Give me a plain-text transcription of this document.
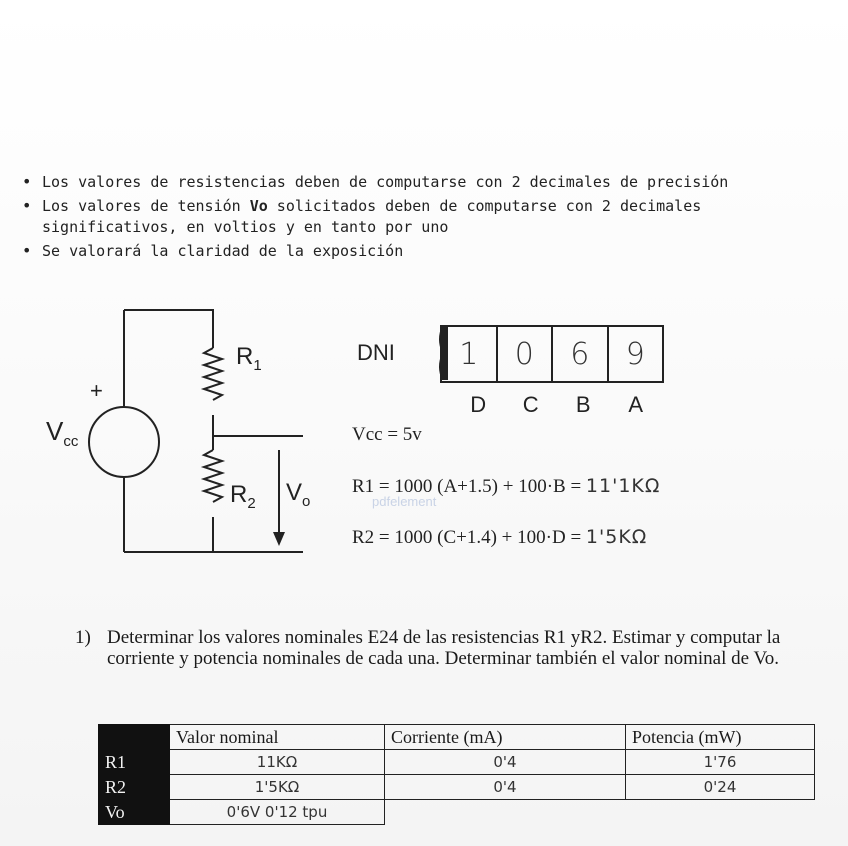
• Los valores de resistencias deben de computarse con 2 decimales de precisión
• Los valores de tensión Vo solicitados deben de computarse con 2 decimales significativos, en voltios y en tanto por uno
• Se valorará la claridad de la exposición
+
$V_{cc}$
$R_1$
$R_2$ $V_o$
DNI	1	0	6	9
D	C	B	A
Vcc = 5v
R1 = 1000 (A+1.5) + 100·B = 11'1KΩ
pdfelement
R2 = 1000 (C+1.4) + 100·D = 1'5KΩ
1) Determinar los valores nominales E24 de las resistencias R1 yR2. Estimar y computar la corriente y potencia nominales de cada una. Determinar también el valor nominal de Vo.
	Valor nominal	Corriente (mA)	Potencia (mW)
R1	11KΩ	0'4	1'76
R2	1'5KΩ	0'4	0'24
Vo	0'6V 0'12 tpu		
